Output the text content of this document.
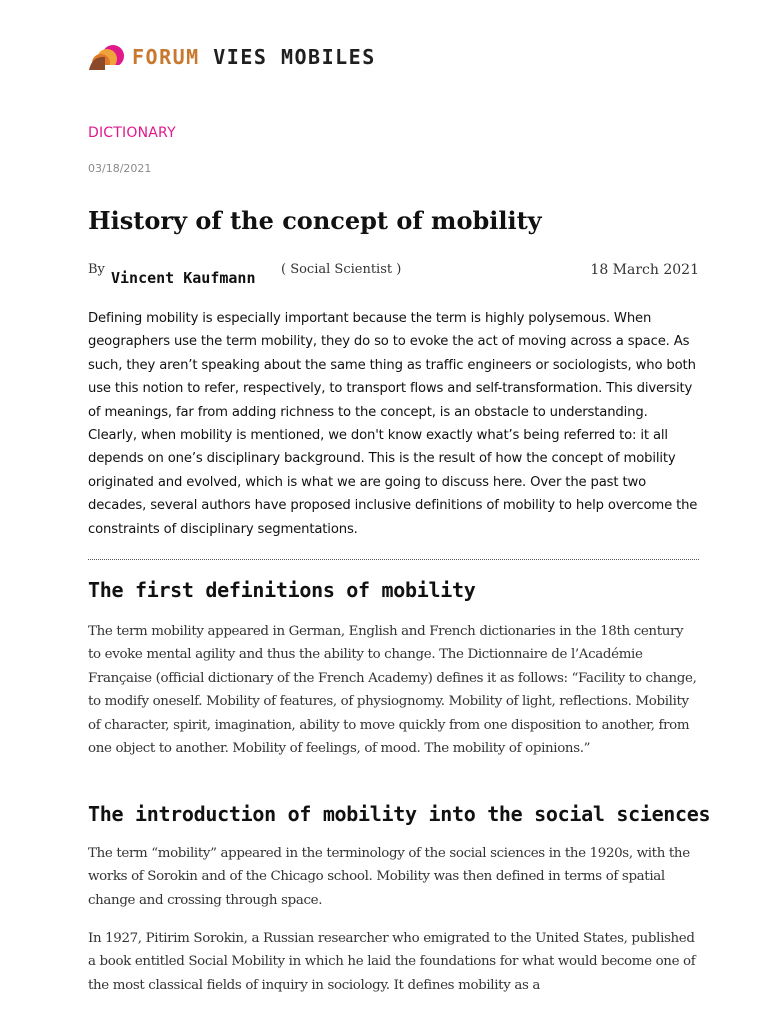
FORUM VIES MOBILES
DICTIONARY
03/18/2021
History of the concept of mobility
By Vincent Kaufmann ( Social Scientist )	18 March 2021

Defining mobility is especially important because the term is highly polysemous. When geographers use the term mobility, they do so to evoke the act of moving across a space. As such, they aren’t speaking about the same thing as traffic engineers or sociologists, who both use this notion to refer, respectively, to transport flows and self-transformation. This diversity of meanings, far from adding richness to the concept, is an obstacle to understanding. Clearly, when mobility is mentioned, we don't know exactly what’s being referred to: it all depends on one’s disciplinary background. This is the result of how the concept of mobility originated and evolved, which is what we are going to discuss here. Over the past two decades, several authors have proposed inclusive definitions of mobility to help overcome the constraints of disciplinary segmentations.

The first definitions of mobility

The term mobility appeared in German, English and French dictionaries in the 18th century to evoke mental agility and thus the ability to change. The Dictionnaire de l’Académie Française (official dictionary of the French Academy) defines it as follows: “Facility to change, to modify oneself. Mobility of features, of physiognomy. Mobility of light, reflections. Mobility of character, spirit, imagination, ability to move quickly from one disposition to another, from one object to another. Mobility of feelings, of mood. The mobility of opinions.”

The introduction of mobility into the social sciences

The term “mobility” appeared in the terminology of the social sciences in the 1920s, with the works of Sorokin and of the Chicago school. Mobility was then defined in terms of spatial change and crossing through space.

In 1927, Pitirim Sorokin, a Russian researcher who emigrated to the United States, published a book entitled Social Mobility in which he laid the foundations for what would become one of the most classical fields of inquiry in sociology. It defines mobility as a
